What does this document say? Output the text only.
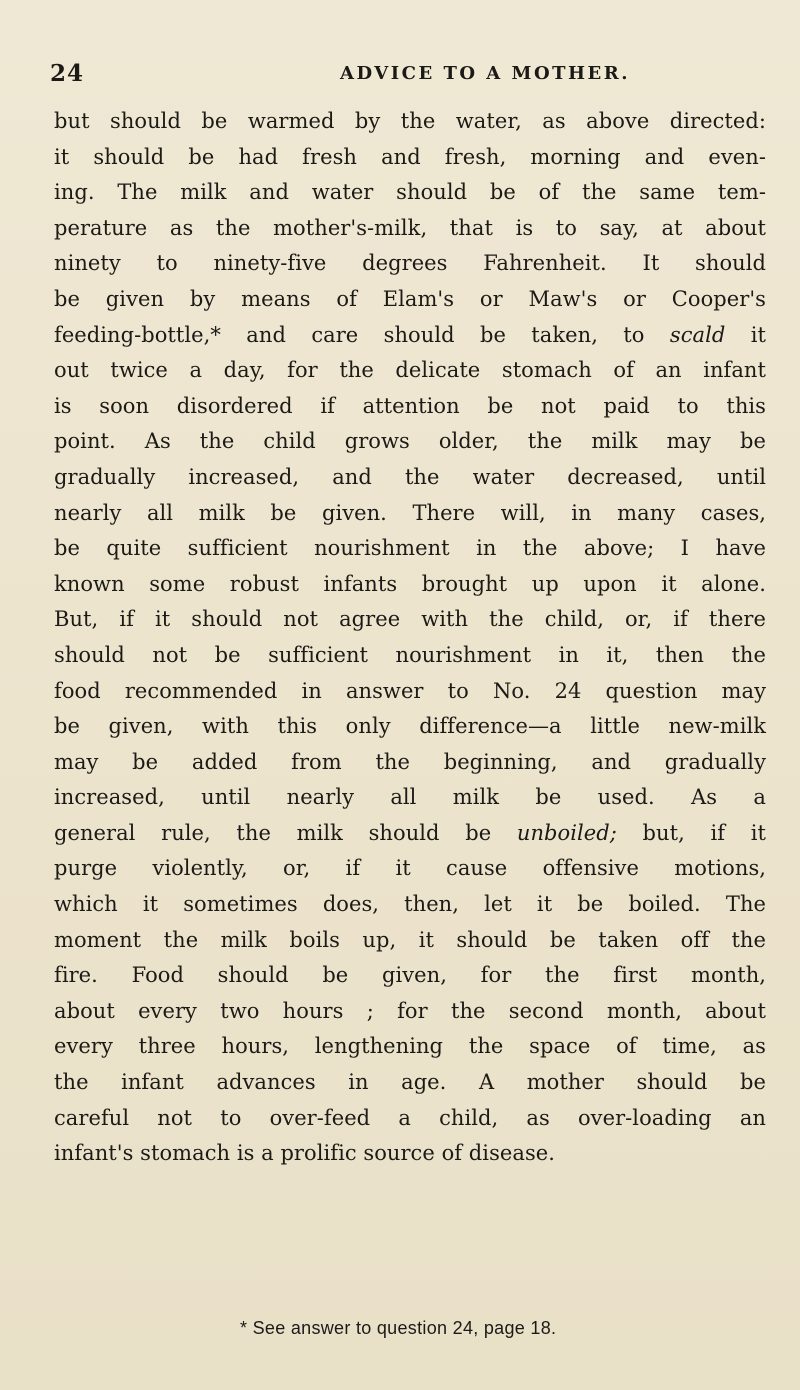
24	ADVICE TO A MOTHER.
but should be warmed by the water, as above directed:
it should be had fresh and fresh, morning and even-
ing. The milk and water should be of the same tem-
perature as the mother's-milk, that is to say, at about
ninety to ninety-five degrees Fahrenheit. It should
be given by means of Elam's or Maw's or Cooper's
feeding-bottle,* and care should be taken, to scald it
out twice a day, for the delicate stomach of an infant
is soon disordered if attention be not paid to this
point. As the child grows older, the milk may be
gradually increased, and the water decreased, until
nearly all milk be given. There will, in many cases,
be quite sufficient nourishment in the above; I have
known some robust infants brought up upon it alone.
But, if it should not agree with the child, or, if there
should not be sufficient nourishment in it, then the
food recommended in answer to No. 24 question may
be given, with this only difference—a little new-milk
may be added from the beginning, and gradually
increased, until nearly all milk be used. As a
general rule, the milk should be unboiled; but, if it
purge violently, or, if it cause offensive motions,
which it sometimes does, then, let it be boiled. The
moment the milk boils up, it should be taken off the
fire. Food should be given, for the first month,
about every two hours ; for the second month, about
every three hours, lengthening the space of time, as
the infant advances in age. A mother should be
careful not to over-feed a child, as over-loading an
infant's stomach is a prolific source of disease.
* See answer to question 24, page 18.
